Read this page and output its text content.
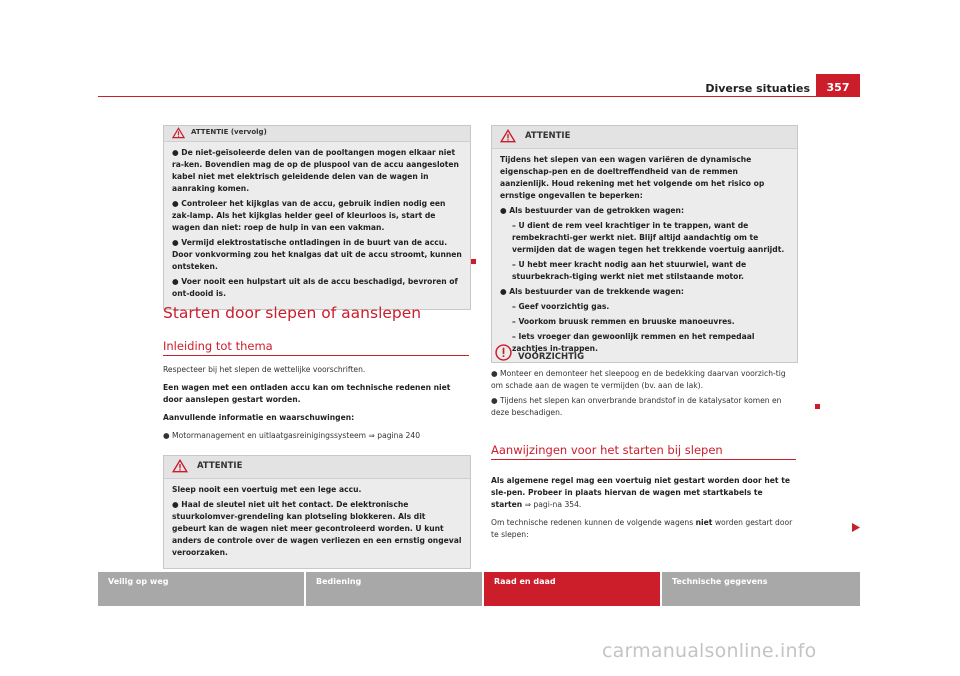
Diverse situaties	357
ATTENTIE (vervolg)

● De niet-geïsoleerde delen van de pooltangen mogen elkaar niet ra-ken. Bovendien mag de op de pluspool van de accu aangesloten kabel niet met elektrisch geleidende delen van de wagen in aanraking komen.

● Controleer het kijkglas van de accu, gebruik indien nodig een zak-lamp. Als het kijkglas helder geel of kleurloos is, start de wagen dan niet: roep de hulp in van een vakman.

● Vermijd elektrostatische ontladingen in de buurt van de accu. Door vonkvorming zou het knalgas dat uit de accu stroomt, kunnen ontsteken.

● Voer nooit een hulpstart uit als de accu beschadigd, bevroren of ont-dooid is.

Starten door slepen of aanslepen
Inleiding tot thema

Respecteer bij het slepen de wettelijke voorschriften.

Een wagen met een ontladen accu kan om technische redenen niet door aanslepen gestart worden.

Aanvullende informatie en waarschuwingen:

● Motormanagement en uitlaatgasreinigingssysteem ⇒ pagina 240

ATTENTIE

Sleep nooit een voertuig met een lege accu.

● Haal de sleutel niet uit het contact. De elektronische stuurkolomver-grendeling kan plotseling blokkeren. Als dit gebeurt kan de wagen niet meer gecontroleerd worden. U kunt anders de controle over de wagen verliezen en een ernstig ongeval veroorzaken.

ATTENTIE

Tijdens het slepen van een wagen variëren de dynamische eigenschap-pen en de doeltreffendheid van de remmen aanzienlijk. Houd rekening met het volgende om het risico op ernstige ongevallen te beperken:

● Als bestuurder van de getrokken wagen:

– U dient de rem veel krachtiger in te trappen, want de rembekrachti-ger werkt niet. Blijf altijd aandachtig om te vermijden dat de wagen tegen het trekkende voertuig aanrijdt.

– U hebt meer kracht nodig aan het stuurwiel, want de stuurbekrach-tiging werkt niet met stilstaande motor.

● Als bestuurder van de trekkende wagen:

– Geef voorzichtig gas.

– Voorkom bruusk remmen en bruuske manoeuvres.

– Iets vroeger dan gewoonlijk remmen en het rempedaal zachtjes in-trappen.

VOORZICHTIG

● Monteer en demonteer het sleepoog en de bedekking daarvan voorzich-tig om schade aan de wagen te vermijden (bv. aan de lak).

● Tijdens het slepen kan onverbrande brandstof in de katalysator komen en deze beschadigen.

Aanwijzingen voor het starten bij slepen

Als algemene regel mag een voertuig niet gestart worden door het te sle-pen. Probeer in plaats hiervan de wagen met startkabels te starten ⇒ pagi-na 354.

Om technische redenen kunnen de volgende wagens niet worden gestart door te slepen:

Veilig op weg	Bediening	Raad en daad	Technische gegevens
carmanualsonline.info
